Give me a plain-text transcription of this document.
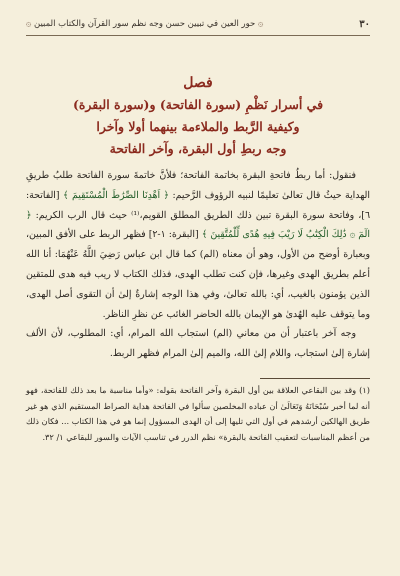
٣٠
۞ حور العين في تبيين حسن وجه نظم سور القرآن والكتاب المبين ۞
فصل
في أسرار نَظْمِ (سورة الفاتحة) و(سورة البقرة)
وكيفية الرَّبط والملاءمة بينهما أولا وآخرا
وجه ربطِ أول البقرة، وآخر الفاتحة

فنقول: أما ربطُ فاتحةِ البقرة بخاتمة الفاتحة؛ فلأنَّ خاتمةَ سورة الفاتحة طلبُ طريقِ الهداية حيثُ قال تعالىٰ تعليمًا لنبيه الرؤوف الرَّحيم: ﴿ اَهْدِنَا الصِّرَٰطَ الْمُسْتَقِيمَ ﴾ [الفاتحة: ٦]، وفاتحة سورة البقرة تبين ذلك الطريق المطلق القويم،⁽¹⁾ حيث قال الرب الكريم: ﴿ الٓمٓ ۞ ذَٰلِكَ الْكِتَٰبُ لَا رَيْبَ فِيهِ هُدًى لِّلْمُتَّقِينَ ﴾ [البقرة: ١-٢] فظهر الربط على الأفق المبين، وبعبارة أوضح من الأول، وهو أن معناه (الم) كما قال ابن عباس رَضِيَ اللَّهُ عَنْهُمَا: أنا الله أعلم بطريق الهدى وغيرها، فإن كنت تطلب الهدى، فذلك الكتاب لا ريب فيه هدى للمتقين الذين يؤمنون بالغيب، أي: بالله تعالىٰ، وفي هذا الوجه إشارةٌ إلىٰ أن التقوى أصل الهدى، وما يتوقف عليه الهُدىٰ هو الإيمان بالله الحاضر الغائب عن نظرِ الناظر.

وجه آخر باعتبار أن من معاني (الم) استجاب الله المرام، أي: المطلوب، لأن الألف إشارة إلىٰ استجاب، واللام إلىٰ الله، والميم إلىٰ المرام فظهر الربط.

(١) وقد بين البقاعي العلاقة بين أول البقرة وآخر الفاتحة بقوله: «وأما مناسبة ما بعد ذلك للفاتحة، فهو أنه لما أخبر سُبْحَانَهُ وَتَعَالَىٰ أن عباده المخلصين سألوا في الفاتحة هداية الصراط المستقيم الذي هو غير طريق الهالكين أرشدهم في أول التي تليها إلى أن الهدى المسؤول إنما هو في هذا الكتاب ... فكان ذلك من أعظم المناسبات لتعقيب الفاتحة بالبقرة» نظم الدرر في تناسب الآيات والسور للبقاعي ١/ ٣٢.
